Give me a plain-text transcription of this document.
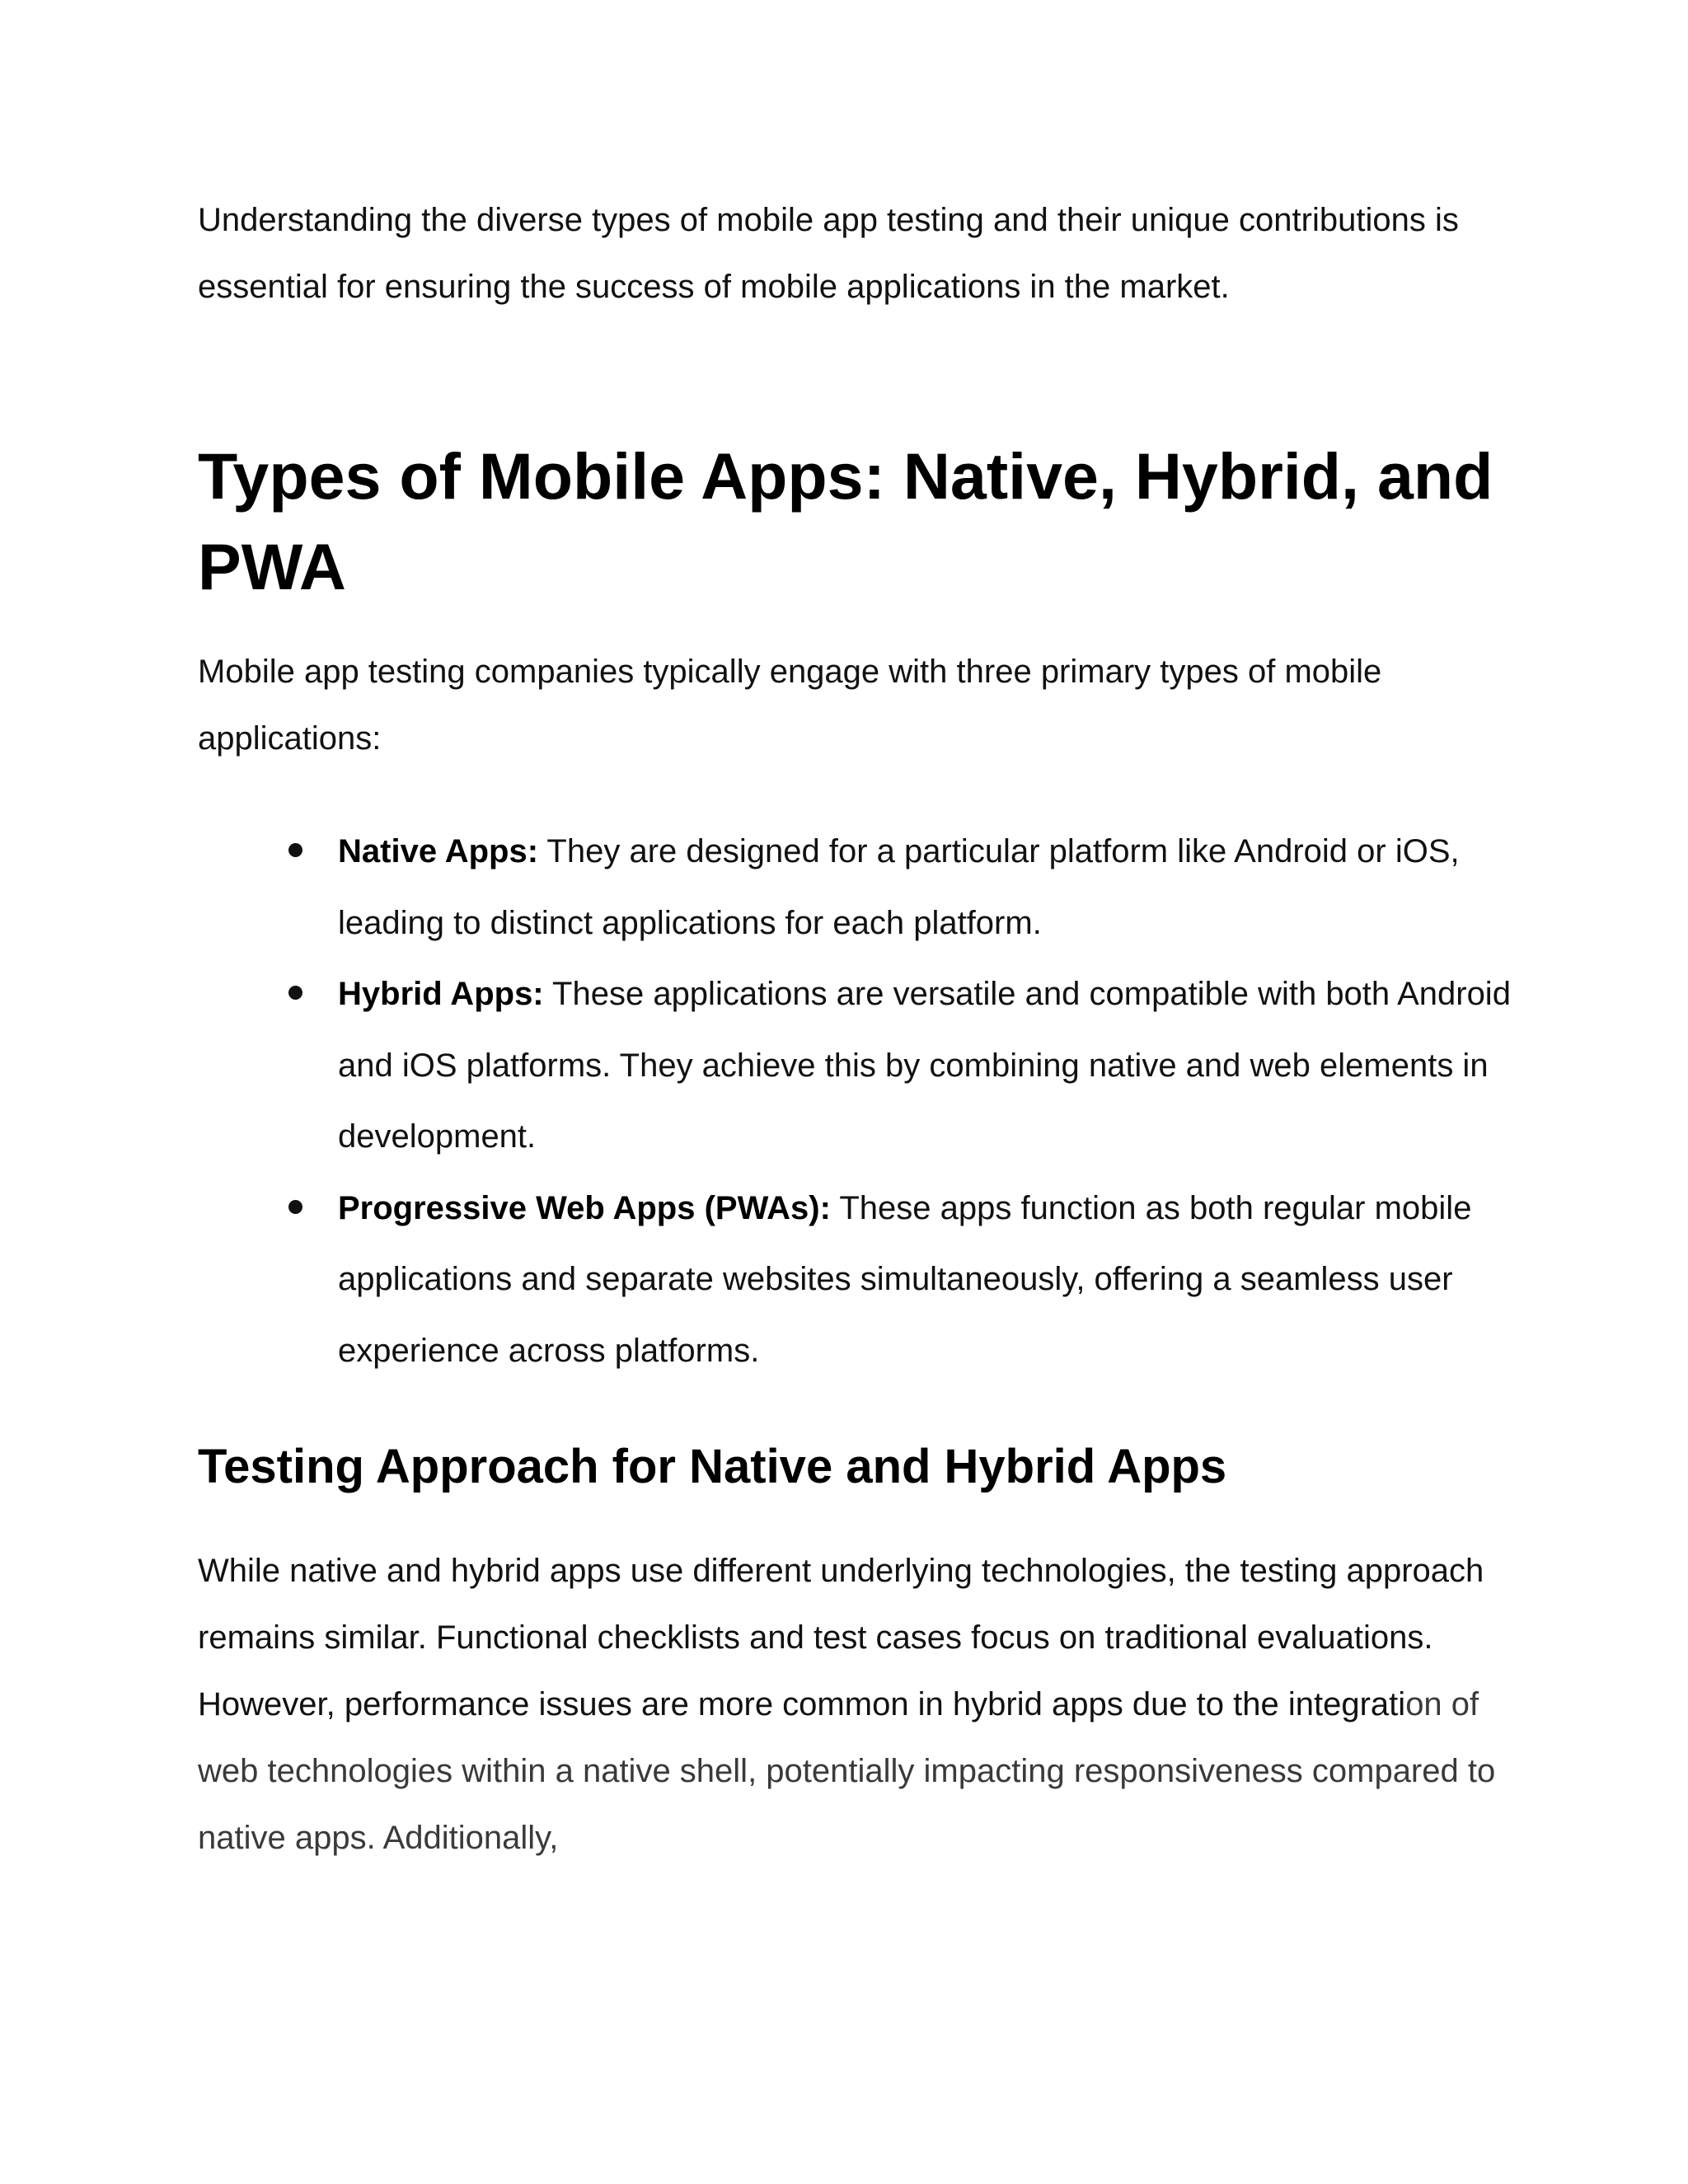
Understanding the diverse types of mobile app testing and their unique contributions is essential for ensuring the success of mobile applications in the market.

Types of Mobile Apps: Native, Hybrid, and PWA

Mobile app testing companies typically engage with three primary types of mobile applications:

Native Apps: They are designed for a particular platform like Android or iOS, leading to distinct applications for each platform.
Hybrid Apps: These applications are versatile and compatible with both Android and iOS platforms. They achieve this by combining native and web elements in development.
Progressive Web Apps (PWAs): These apps function as both regular mobile applications and separate websites simultaneously, offering a seamless user experience across platforms.
Testing Approach for Native and Hybrid Apps

While native and hybrid apps use different underlying technologies, the testing approach remains similar. Functional checklists and test cases focus on traditional evaluations. However, performance issues are more common in hybrid apps due to the integration of web technologies within a native shell, potentially impacting responsiveness compared to native apps. Additionally,
